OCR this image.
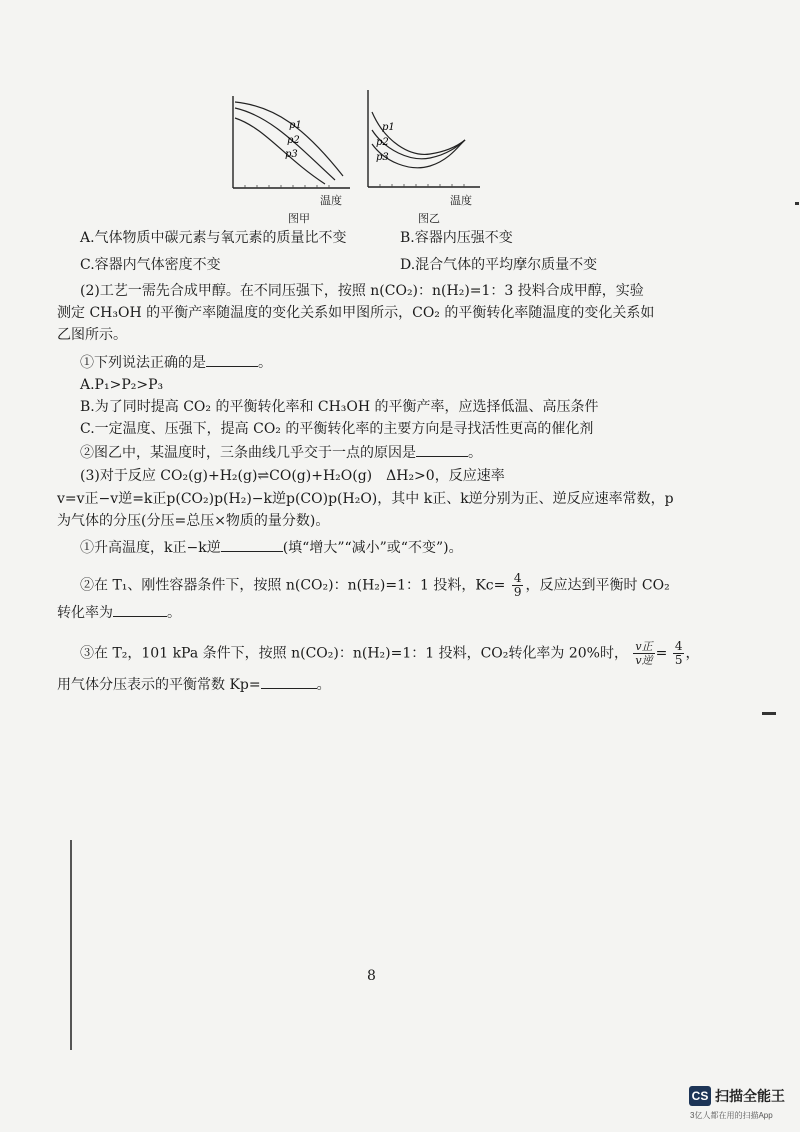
p1
p2
p3
温度
图甲
p1
p2
p3
温度
图乙
A.气体物质中碳元素与氧元素的质量比不变	B.容器内压强不变
C.容器内气体密度不变	D.混合气体的平均摩尔质量不变
(2)工艺一需先合成甲醇。在不同压强下，按照 n(CO₂)：n(H₂)=1：3 投料合成甲醇，实验
测定 CH₃OH 的平衡产率随温度的变化关系如甲图所示，CO₂ 的平衡转化率随温度的变化关系如
乙图所示。
①下列说法正确的是	。
A.P₁>P₂>P₃
B.为了同时提高 CO₂ 的平衡转化率和 CH₃OH 的平衡产率，应选择低温、高压条件
C.一定温度、压强下，提高 CO₂ 的平衡转化率的主要方向是寻找活性更高的催化剂
②图乙中，某温度时，三条曲线几乎交于一点的原因是	。
(3)对于反应 CO₂(g)+H₂(g)⇌CO(g)+H₂O(g)　ΔH₂>0，反应速率
v=v正−v逆=k正p(CO₂)p(H₂)−k逆p(CO)p(H₂O)，其中 k正、k逆分别为正、逆反应速率常数，p
为气体的分压(分压=总压×物质的量分数)。
①升高温度，k正−k逆	(填“增大”“减小”或“不变”)。
②在 T₁、刚性容器条件下，按照 n(CO₂)：n(H₂)=1：1 投料，$Kc= \frac{4}{9}$ ，反应达到平衡时 CO₂
转化率为	。
③在 T₂，101 kPa 条件下，按照 n(CO₂)：n(H₂)=1：1 投料，CO₂转化率为 20%时， v正
v逆 = $\frac{4}{5}$ ，
用气体分压表示的平衡常数 Kp=	。
8
CS 扫描全能王
3亿人都在用的扫描App
